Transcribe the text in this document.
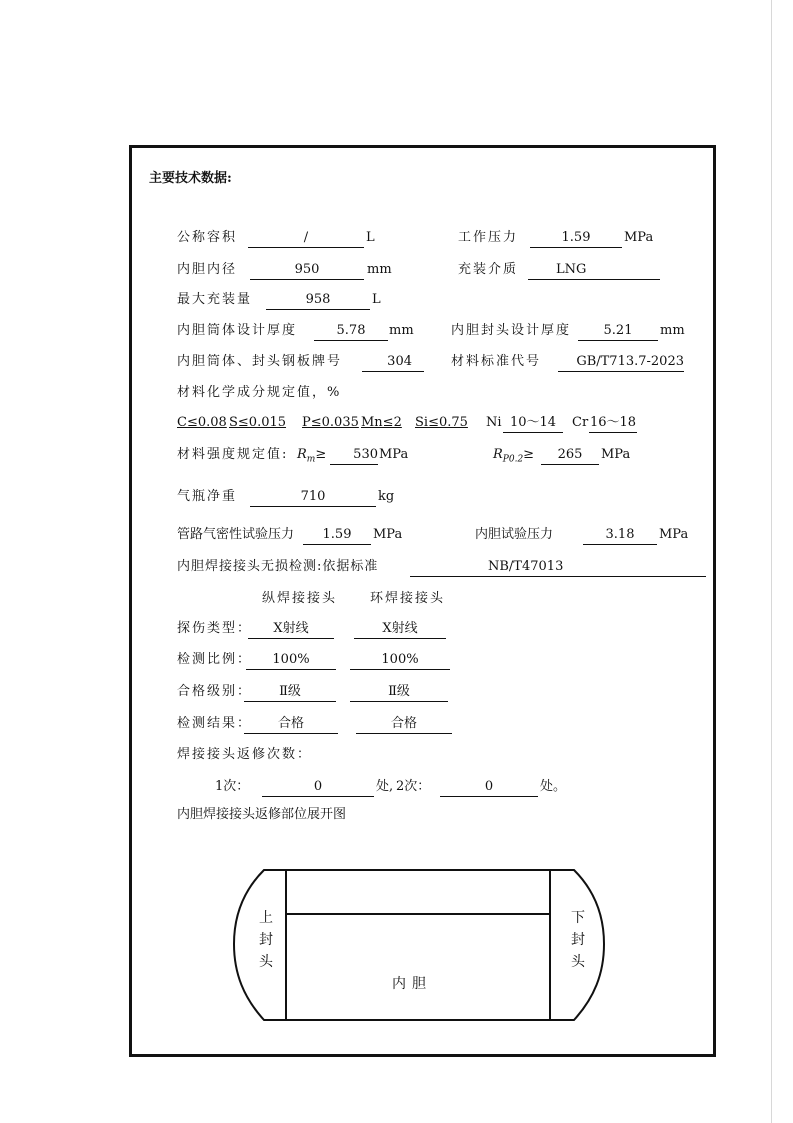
主要技术数据:
公称容积	/	L	工作压力	1.59	MPa
内胆内径	950	mm	充装介质	LNG
最大充装量	958	L
内胆筒体设计厚度	5.78	mm	内胆封头设计厚度	5.21	mm
内胆筒体、封头钢板牌号	304	材料标准代号	GB/T713.7-2023
材料化学成分规定值，%
C≤0.08 S≤0.015 P≤0.035 Mn≤2 Si≤0.75 Ni 10～14	Cr 16～18
材料强度规定值: $R_m\ge$	530 MPa	$R_{P0.2}\ge$	265	MPa
气瓶净重	710	kg
管路气密性试验压力	1.59	MPa	内胆试验压力	3.18	MPa
内胆焊接接头无损检测:依据标准	NB/T47013
纵焊接接头	环焊接接头
探伤类型：	X射线	X射线
检测比例：	100%	100%
合格级别：	Ⅱ级	Ⅱ级
检测结果：	合格	合格
焊接接头返修次数：
1次：	0	处, 2次：	0	处。
内胆焊接接头返修部位展开图
上
封
头
下
封
头
内胆
